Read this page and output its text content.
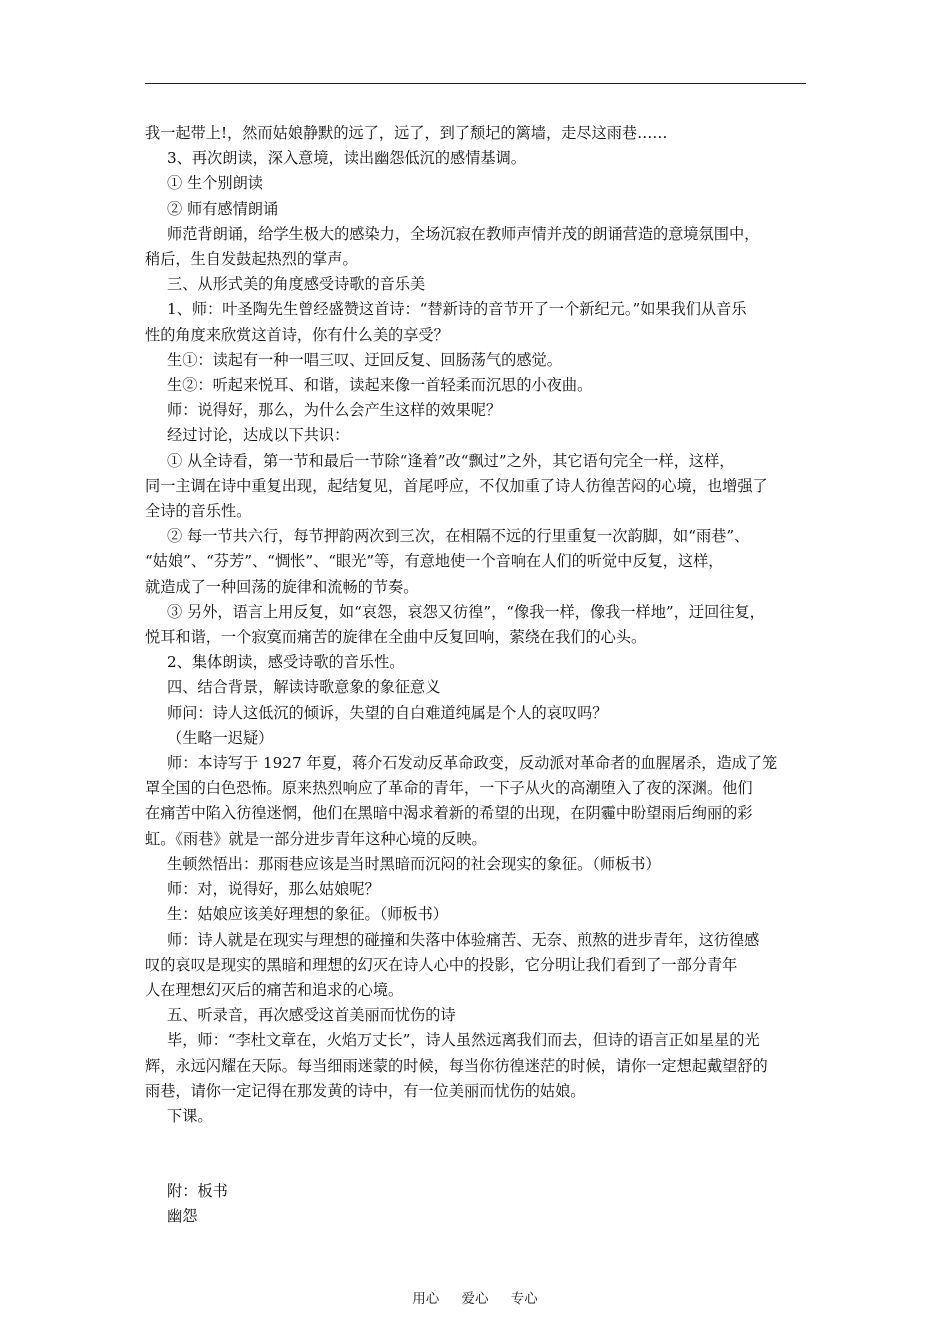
我一起带上!，然而姑娘静默的远了，远了，到了颓圮的篱墙，走尽这雨巷……
3、再次朗读，深入意境，读出幽怨低沉的感情基调。
① 生个别朗读
② 师有感情朗诵
师范背朗诵，给学生极大的感染力，全场沉寂在教师声情并茂的朗诵营造的意境氛围中，
稍后，生自发鼓起热烈的掌声。
三、从形式美的角度感受诗歌的音乐美
1、师：叶圣陶先生曾经盛赞这首诗：“替新诗的音节开了一个新纪元。”如果我们从音乐
性的角度来欣赏这首诗，你有什么美的享受？
生①：读起有一种一唱三叹、迂回反复、回肠荡气的感觉。
生②：听起来悦耳、和谐，读起来像一首轻柔而沉思的小夜曲。
师：说得好，那么，为什么会产生这样的效果呢？
经过讨论，达成以下共识：
① 从全诗看，第一节和最后一节除“逢着”改“飘过”之外，其它语句完全一样，这样，
同一主调在诗中重复出现，起结复见，首尾呼应，不仅加重了诗人彷徨苦闷的心境，也增强了
全诗的音乐性。
② 每一节共六行，每节押韵两次到三次，在相隔不远的行里重复一次韵脚，如“雨巷”、
“姑娘”、“芬芳”、“惆怅”、“眼光”等，有意地使一个音响在人们的听觉中反复，这样，
就造成了一种回荡的旋律和流畅的节奏。
③ 另外，语言上用反复，如“哀怨，哀怨又彷徨”，“像我一样，像我一样地”，迂回往复，
悦耳和谐，一个寂寞而痛苦的旋律在全曲中反复回响，萦绕在我们的心头。
2、集体朗读，感受诗歌的音乐性。
四、结合背景，解读诗歌意象的象征意义
师问：诗人这低沉的倾诉，失望的自白难道纯属是个人的哀叹吗？
（生略一迟疑）
师：本诗写于 1927 年夏，蒋介石发动反革命政变，反动派对革命者的血腥屠杀，造成了笼
罩全国的白色恐怖。原来热烈响应了革命的青年，一下子从火的高潮堕入了夜的深渊。他们
在痛苦中陷入彷徨迷惘，他们在黑暗中渴求着新的希望的出现，在阴霾中盼望雨后绚丽的彩
虹。《雨巷》就是一部分进步青年这种心境的反映。
生顿然悟出：那雨巷应该是当时黑暗而沉闷的社会现实的象征。（师板书）
师：对，说得好，那么姑娘呢？
生：姑娘应该美好理想的象征。（师板书）
师：诗人就是在现实与理想的碰撞和失落中体验痛苦、无奈、煎熬的进步青年，这彷徨感
叹的哀叹是现实的黑暗和理想的幻灭在诗人心中的投影，它分明让我们看到了一部分青年
人在理想幻灭后的痛苦和追求的心境。
五、听录音，再次感受这首美丽而忧伤的诗
毕，师：“李杜文章在，火焰万丈长”，诗人虽然远离我们而去，但诗的语言正如星星的光
辉，永远闪耀在天际。每当细雨迷蒙的时候，每当你彷徨迷茫的时候，请你一定想起戴望舒的
雨巷，请你一定记得在那发黄的诗中，有一位美丽而忧伤的姑娘。
下课。
附：板书
幽怨
用心 爱心 专心
